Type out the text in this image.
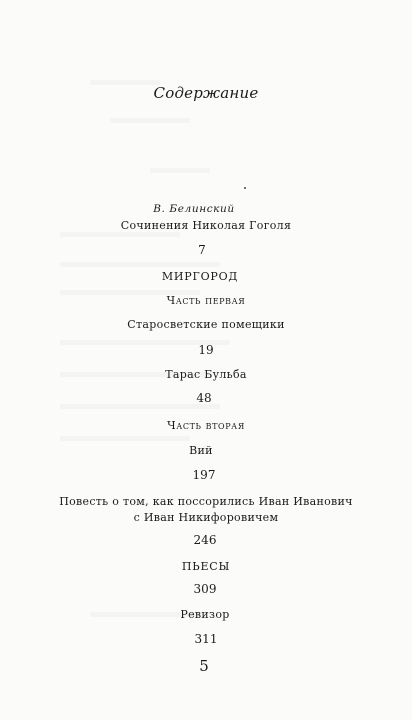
Содержание
В. Белинский
Сочинения Николая Гоголя
7
МИРГОРОД
Часть первая
Старосветские помещики
19
Тарас Бульба
48
Часть вторая
Вий
197
Повесть о том, как поссорились Иван Иванович
с Иван Никифоровичем
246
ПЬЕСЫ
309
Ревизор
311
5
